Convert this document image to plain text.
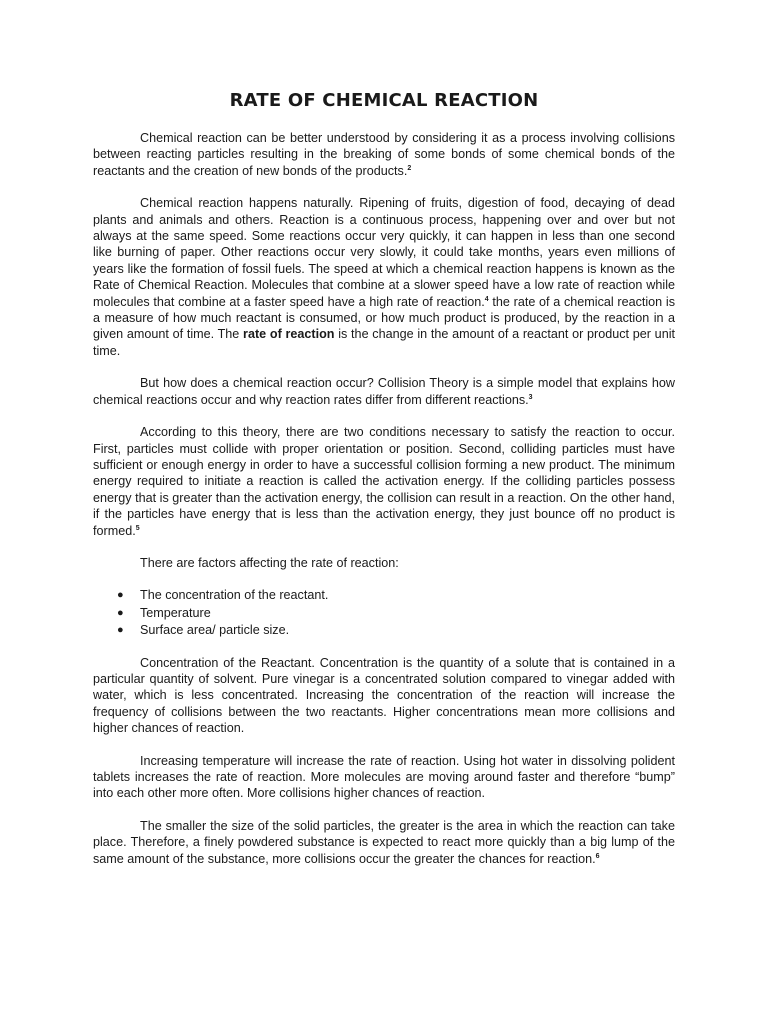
RATE OF CHEMICAL REACTION

Chemical reaction can be better understood by considering it as a process involving collisions between reacting particles resulting in the breaking of some bonds of some chemical bonds of the reactants and the creation of new bonds of the products.$^2$

Chemical reaction happens naturally. Ripening of fruits, digestion of food, decaying of dead plants and animals and others. Reaction is a continuous process, happening over and over but not always at the same speed. Some reactions occur very quickly, it can happen in less than one second like burning of paper. Other reactions occur very slowly, it could take months, years even millions of years like the formation of fossil fuels. The speed at which a chemical reaction happens is known as the Rate of Chemical Reaction. Molecules that combine at a slower speed have a low rate of reaction while molecules that combine at a faster speed have a high rate of reaction.$^4$ the rate of a chemical reaction is a measure of how much reactant is consumed, or how much product is produced, by the reaction in a given amount of time. The rate of reaction is the change in the amount of a reactant or product per unit time.

But how does a chemical reaction occur? Collision Theory is a simple model that explains how chemical reactions occur and why reaction rates differ from different reactions.$^3$

According to this theory, there are two conditions necessary to satisfy the reaction to occur. First, particles must collide with proper orientation or position. Second, colliding particles must have sufficient or enough energy in order to have a successful collision forming a new product. The minimum energy required to initiate a reaction is called the activation energy. If the colliding particles possess energy that is greater than the activation energy, the collision can result in a reaction. On the other hand, if the particles have energy that is less than the activation energy, they just bounce off no product is formed.$^5$

There are factors affecting the rate of reaction:

● The concentration of the reactant.
● Temperature
● Surface area/ particle size.

Concentration of the Reactant. Concentration is the quantity of a solute that is contained in a particular quantity of solvent. Pure vinegar is a concentrated solution compared to vinegar added with water, which is less concentrated. Increasing the concentration of the reaction will increase the frequency of collisions between the two reactants. Higher concentrations mean more collisions and higher chances of reaction.

Increasing temperature will increase the rate of reaction. Using hot water in dissolving polident tablets increases the rate of reaction. More molecules are moving around faster and therefore “bump” into each other more often. More collisions higher chances of reaction.

The smaller the size of the solid particles, the greater is the area in which the reaction can take place. Therefore, a finely powdered substance is expected to react more quickly than a big lump of the same amount of the substance, more collisions occur the greater the chances for reaction.$^6$
